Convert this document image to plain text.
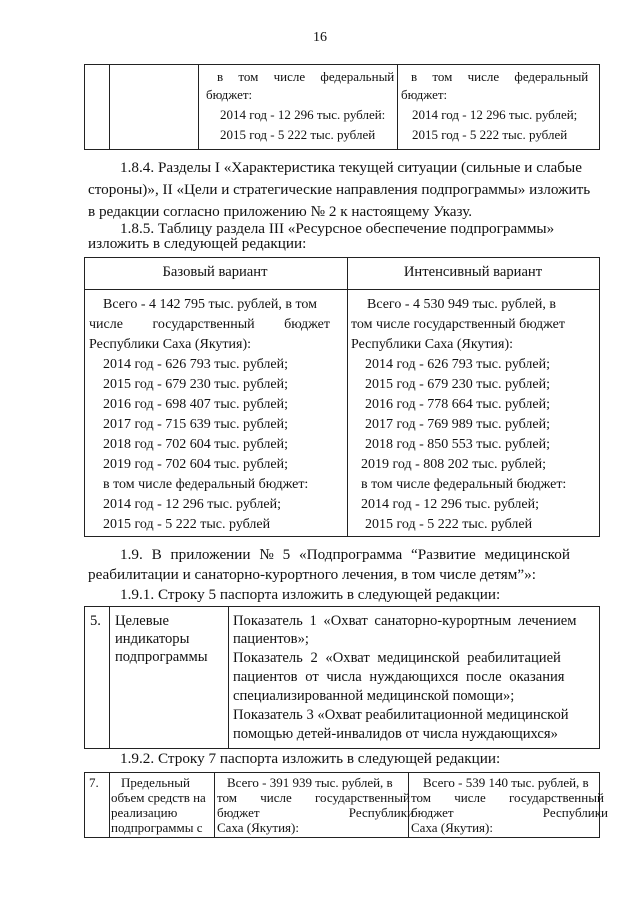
16
в том числе федеральный
бюджет:
2014 год - 12 296 тыс. рублей:
2015 год - 5 222 тыс. рублей
в том числе федеральный
бюджет:
2014 год - 12 296 тыс. рублей;
2015 год - 5 222 тыс. рублей
1.8.4. Разделы I «Характеристика текущей ситуации (сильные и слабые
стороны)», II «Цели и стратегические направления подпрограммы» изложить
в редакции согласно приложению № 2 к настоящему Указу.
1.8.5. Таблицу раздела III «Ресурсное обеспечение подпрограммы»
изложить в следующей редакции:
Базовый вариант	Интенсивный вариант
Всего - 4 142 795 тыс. рублей, в том
числе государственный бюджет
Республики Саха (Якутия):
2014 год - 626 793 тыс. рублей;
2015 год - 679 230 тыс. рублей;
2016 год - 698 407 тыс. рублей;
2017 год - 715 639 тыс. рублей;
2018 год - 702 604 тыс. рублей;
2019 год - 702 604 тыс. рублей;
в том числе федеральный бюджет:
2014 год - 12 296 тыс. рублей;
2015 год - 5 222 тыс. рублей
Всего - 4 530 949 тыс. рублей, в
том числе государственный бюджет
Республики Саха (Якутия):
2014 год - 626 793 тыс. рублей;
2015 год - 679 230 тыс. рублей;
2016 год - 778 664 тыс. рублей;
2017 год - 769 989 тыс. рублей;
2018 год - 850 553 тыс. рублей;
2019 год - 808 202 тыс. рублей;
в том числе федеральный бюджет:
2014 год - 12 296 тыс. рублей;
2015 год - 5 222 тыс. рублей
1.9. В приложении № 5 «Подпрограмма “Развитие медицинской
реабилитации и санаторно-курортного лечения, в том числе детям”»:
1.9.1. Строку 5 паспорта изложить в следующей редакции:
5. Целевые
индикаторы
подпрограммы
Показатель 1 «Охват санаторно-курортным лечением
пациентов»;
Показатель 2 «Охват медицинской реабилитацией
пациентов от числа нуждающихся после оказания
специализированной медицинской помощи»;
Показатель 3 «Охват реабилитационной медицинской
помощью детей-инвалидов от числа нуждающихся»
1.9.2. Строку 7 паспорта изложить в следующей редакции:
7. Предельный
объем средств на
реализацию
подпрограммы с
Всего - 391 939 тыс. рублей, в
том числе государственный
бюджет Республики
Саха (Якутия):
Всего - 539 140 тыс. рублей, в
том числе государственный
бюджет Республики
Саха (Якутия):
